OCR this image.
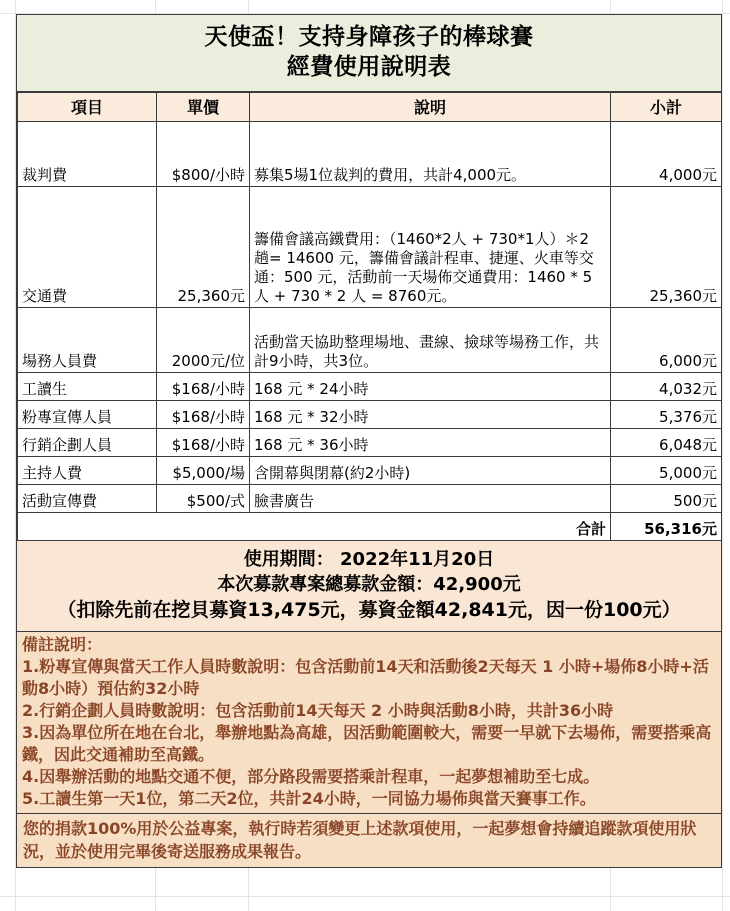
天使盃！支持身障孩子的棒球賽
經費使用說明表
項目	單價	說明	小計
裁判費	$800/小時	募集5場1位裁判的費用，共計4,000元。	4,000元
交通費	25,360元	籌備會議高鐵費用：（1460*2人 + 730*1人）＊2 趟= 14600 元，籌備會議計程車、捷運、火車等交通：500 元，活動前一天場佈交通費用：1460 * 5人 + 730 * 2 人 = 8760元。	25,360元
場務人員費	2000元/位	活動當天協助整理場地、畫線、撿球等場務工作，共計9小時，共3位。	6,000元
工讀生	$168/小時	168 元 * 24小時	4,032元
粉專宣傳人員	$168/小時	168 元 * 32小時	5,376元
行銷企劃人員	$168/小時	168 元 * 36小時	6,048元
主持人費	$5,000/場	含開幕與閉幕(約2小時)	5,000元
活動宣傳費	$500/式	臉書廣告	500元
合計			56,316元
使用期間： 2022年11月20日
本次募款專案總募款金額：42,900元
（扣除先前在挖貝募資13,475元，募資金額42,841元，因一份100元）
備註說明：
1.粉專宣傳與當天工作人員時數說明：包含活動前14天和活動後2天每天 1 小時+場佈8小時+活動8小時）預估約32小時
2.行銷企劃人員時數說明：包含活動前14天每天 2 小時與活動8小時，共計36小時
3.因為單位所在地在台北，舉辦地點為高雄，因活動範圍較大，需要一早就下去場佈，需要搭乘高鐵，因此交通補助至高鐵。
4.因舉辦活動的地點交通不便，部分路段需要搭乘計程車，一起夢想補助至七成。
5.工讀生第一天1位，第二天2位，共計24小時，一同協力場佈與當天賽事工作。
您的捐款100%用於公益專案，執行時若須變更上述款項使用，一起夢想會持續追蹤款項使用狀況，並於使用完畢後寄送服務成果報告。
